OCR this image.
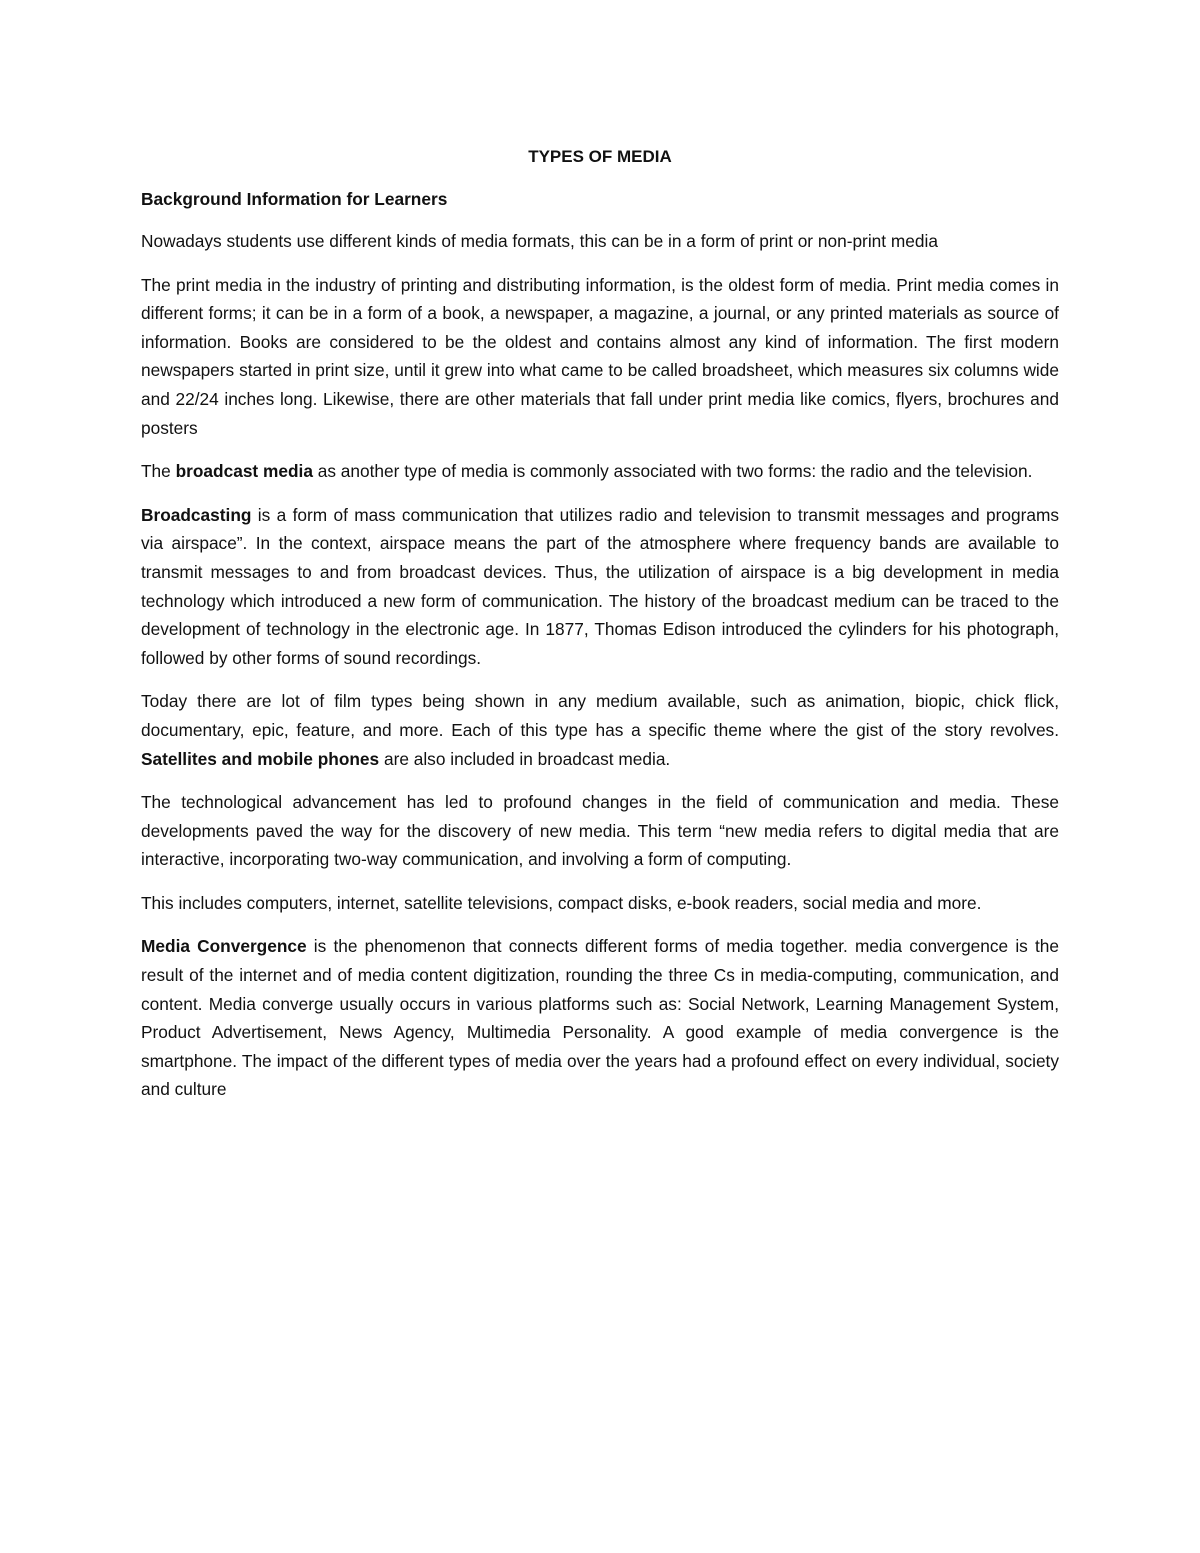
TYPES OF MEDIA
Background Information for Learners

Nowadays students use different kinds of media formats, this can be in a form of print or non-print media

The print media in the industry of printing and distributing information, is the oldest form of media. Print media comes in different forms; it can be in a form of a book, a newspaper, a magazine, a journal, or any printed materials as source of information. Books are considered to be the oldest and contains almost any kind of information. The first modern newspapers started in print size, until it grew into what came to be called broadsheet, which measures six columns wide and 22/24 inches long. Likewise, there are other materials that fall under print media like comics, flyers, brochures and posters

The broadcast media as another type of media is commonly associated with two forms: the radio and the television.

Broadcasting is a form of mass communication that utilizes radio and television to transmit messages and programs via airspace”. In the context, airspace means the part of the atmosphere where frequency bands are available to transmit messages to and from broadcast devices. Thus, the utilization of airspace is a big development in media technology which introduced a new form of communication. The history of the broadcast medium can be traced to the development of technology in the electronic age. In 1877, Thomas Edison introduced the cylinders for his photograph, followed by other forms of sound recordings.

Today there are lot of film types being shown in any medium available, such as animation, biopic, chick flick, documentary, epic, feature, and more. Each of this type has a specific theme where the gist of the story revolves. Satellites and mobile phones are also included in broadcast media.

The technological advancement has led to profound changes in the field of communication and media. These developments paved the way for the discovery of new media. This term “new media refers to digital media that are interactive, incorporating two-way communication, and involving a form of computing.

This includes computers, internet, satellite televisions, compact disks, e-book readers, social media and more.

Media Convergence is the phenomenon that connects different forms of media together. media convergence is the result of the internet and of media content digitization, rounding the three Cs in media-computing, communication, and content. Media converge usually occurs in various platforms such as: Social Network, Learning Management System, Product Advertisement, News Agency, Multimedia Personality. A good example of media convergence is the smartphone. The impact of the different types of media over the years had a profound effect on every individual, society and culture
